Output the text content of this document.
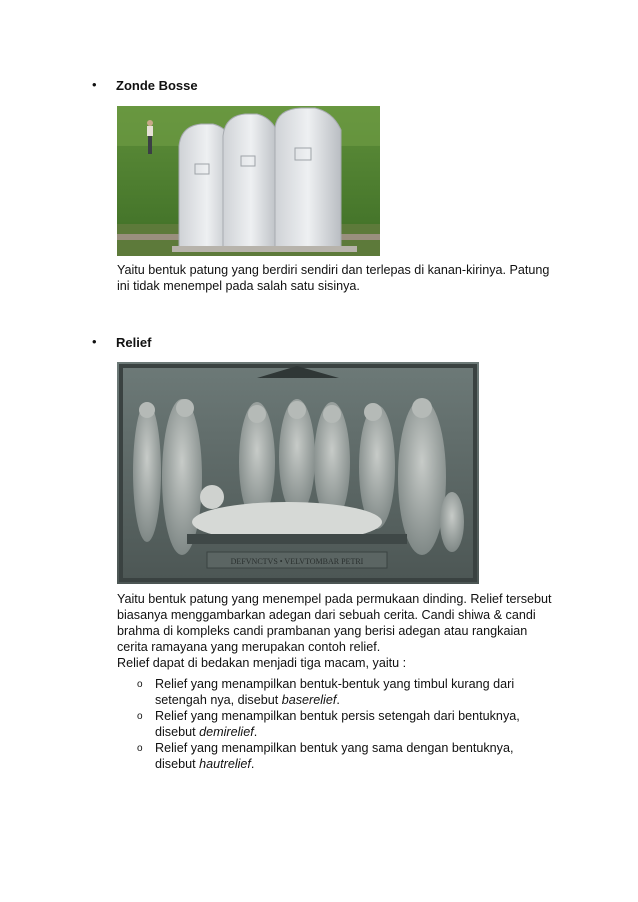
• Zonde Bosse
Yaitu bentuk patung yang berdiri sendiri dan terlepas di kanan-kirinya. Patung
ini tidak menempel pada salah satu sisinya.
• Relief
DEFVNCTVS • VELVTOMBAR PETRI
Yaitu bentuk patung yang menempel pada permukaan dinding. Relief tersebut
biasanya menggambarkan adegan dari sebuah cerita. Candi shiwa & candi
brahma di kompleks candi prambanan yang berisi adegan atau rangkaian
cerita ramayana yang merupakan contoh relief.
Relief dapat di bedakan menjadi tiga macam, yaitu :
o Relief yang menampilkan bentuk-bentuk yang timbul kurang dari
setengah nya, disebut baserelief.
o Relief yang menampilkan bentuk persis setengah dari bentuknya,
disebut demirelief.
o Relief yang menampilkan bentuk yang sama dengan bentuknya,
disebut hautrelief.
